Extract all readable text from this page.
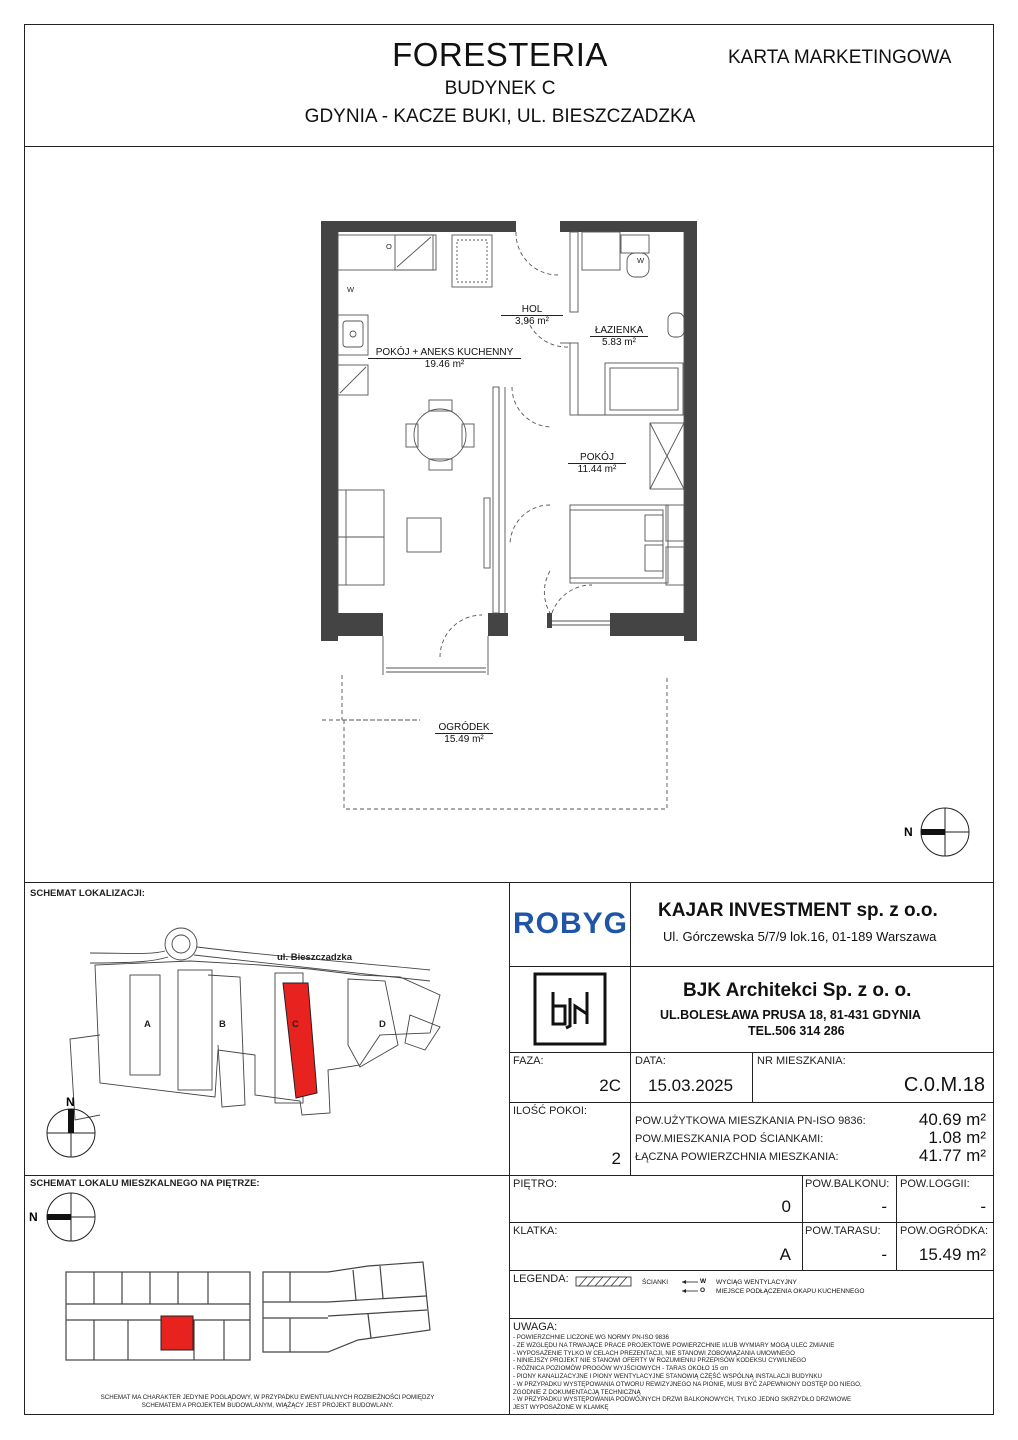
FORESTERIA
BUDYNEK C
GDYNIA - KACZE BUKI, UL. BIESZCZADZKA
KARTA MARKETINGOWA
O
W
W
HOL
3,96 m²
ŁAZIENKA
5.83 m²
POKÓJ + ANEKS KUCHENNY
19.46 m²
POKÓJ
11.44 m²
OGRÓDEK
15.49 m²
N
SCHEMAT LOKALIZACJI:
ul. Bieszczadzka
A	B	C	D
N
SCHEMAT LOKALU MIESZKALNEGO NA PIĘTRZE:
N
SCHEMAT MA CHARAKTER JEDYNIE POGLĄDOWY, W PRZYPADKU EWENTUALNYCH ROZBIEŻNOŚCI POMIĘDZY
SCHEMATEM A PROJEKTEM BUDOWLANYM, WIĄŻĄCY JEST PROJEKT BUDOWLANY.
ROBYG KAJAR INVESTMENT sp. z o.o.
Ul. Górczewska 5/7/9 lok.16, 01-189 Warszawa
BJK Architekci Sp. z o. o.
UL.BOLESŁAWA PRUSA 18, 81-431 GDYNIA
TEL.506 314 286
FAZA:
2C
DATA:
15.03.2025
NR MIESZKANIA:
C.0.M.18
ILOŚĆ POKOI:
2
POW.UŻYTKOWA MIESZKANIA PN-ISO 9836:	40.69 m²
POW.MIESZKANIA POD ŚCIANKAMI:	1.08 m²
ŁĄCZNA POWIERZCHNIA MIESZKANIA:	41.77 m²
PIĘTRO:
0
POW.BALKONU:
-
POW.LOGGII:
-
KLATKA:
A
POW.TARASU:
-
POW.OGRÓDKA:
15.49 m²
LEGENDA:	ŚCIANKI	W WYCIĄG WENTYLACYJNY
O MIEJSCE PODŁĄCZENIA OKAPU KUCHENNEGO
UWAGA:
- POWIERZCHNIE LICZONE WG NORMY PN-ISO 9836
- ZE WZGLĘDU NA TRWAJĄCE PRACE PROJEKTOWE POWIERZCHNIE I/LUB WYMIARY MOGĄ ULEC ZMIANIE
- WYPOSAŻENIE TYLKO W CELACH PREZENTACJI, NIE STANOWI ZOBOWIĄZANIA UMOWNEGO
- NINIEJSZY PROJEKT NIE STANOWI OFERTY W ROZUMIENIU PRZEPISÓW KODEKSU CYWILNEGO
- RÓŻNICA POZIOMÓW PROGÓW WYJŚCIOWYCH - TARAS OKOŁO 15 cm
- PIONY KANALIZACYJNE I PIONY WENTYLACYJNE STANOWIĄ CZĘŚĆ WSPÓLNĄ INSTALACJI BUDYNKU
- W PRZYPADKU WYSTĘPOWANIA OTWORU REWIZYJNEGO NA PIONIE, MUSI BYĆ ZAPEWNIONY DOSTĘP DO NIEGO,
ZGODNIE Z DOKUMENTACJĄ TECHNICZNĄ
- W PRZYPADKU WYSTĘPOWANIA PODWÓJNYCH DRZWI BALKONOWYCH, TYLKO JEDNO SKRZYDŁO DRZWIOWE
JEST WYPOSAŻONE W KLAMKĘ
